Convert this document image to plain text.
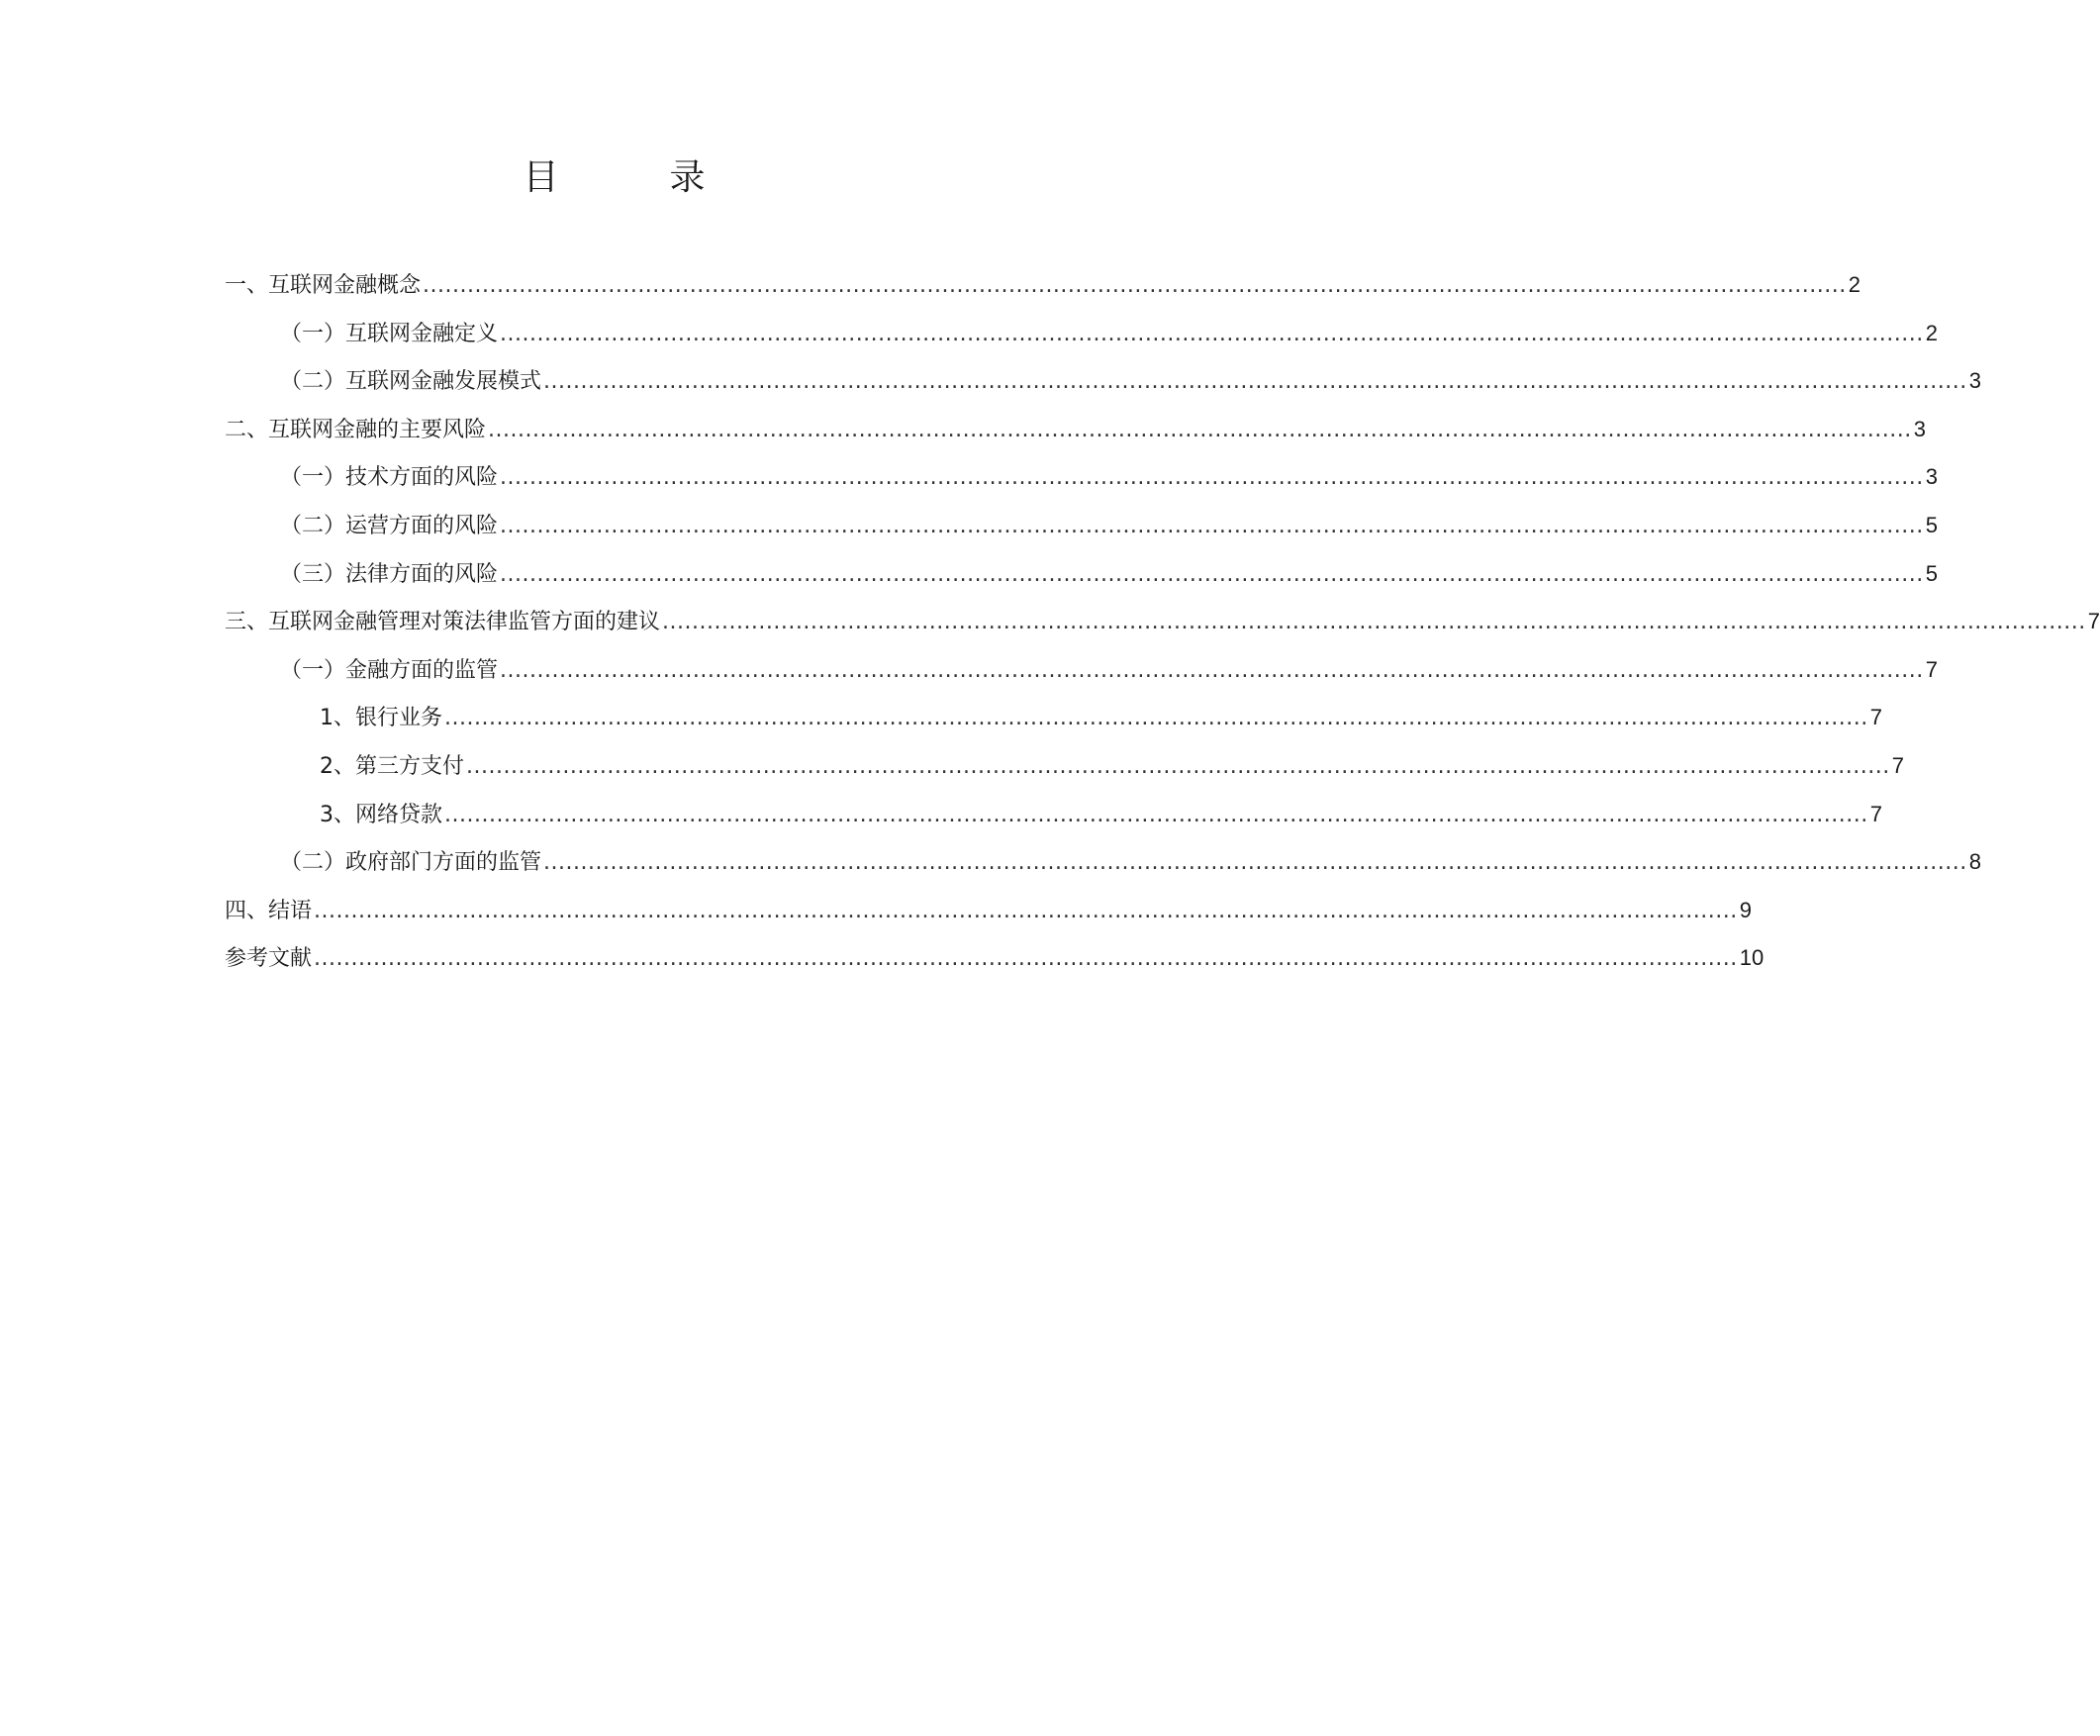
目　录
一、互联网金融概念 ................................................................................................................................................................................................ 2
（一）互联网金融定义 ................................................................................................................................................................................................ 2
（二）互联网金融发展模式 ................................................................................................................................................................................................ 3
二、互联网金融的主要风险 ................................................................................................................................................................................................ 3
（一）技术方面的风险 ................................................................................................................................................................................................ 3
（二）运营方面的风险 ................................................................................................................................................................................................ 5
（三）法律方面的风险 ................................................................................................................................................................................................ 5
三、互联网金融管理对策法律监管方面的建议 ................................................................................................................................................................................................ 7
（一）金融方面的监管 ................................................................................................................................................................................................ 7
1、银行业务 ................................................................................................................................................................................................ 7
2、第三方支付 ................................................................................................................................................................................................ 7
3、网络贷款 ................................................................................................................................................................................................ 7
（二）政府部门方面的监管 ................................................................................................................................................................................................ 8
四、结语 ................................................................................................................................................................................................ 9
参考文献 ................................................................................................................................................................................................ 10
